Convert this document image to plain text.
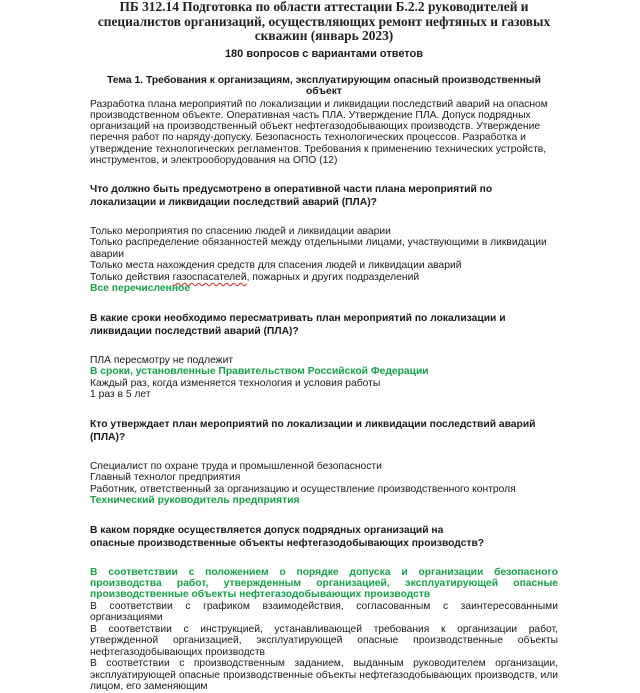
ПБ 312.14 Подготовка по области аттестации Б.2.2 руководителей и специалистов организаций, осуществляющих ремонт нефтяных и газовых скважин (январь 2023)
180 вопросов с вариантами ответов
Тема 1. Требования к организациям, эксплуатирующим опасный производственный объект
Разработка плана мероприятий по локализации и ликвидации последствий аварий на опасном производственном объекте. Оперативная часть ПЛА. Утверждение ПЛА. Допуск подрядных организаций на производственный объект нефтегазодобывающих производств. Утверждение перечня работ по наряду-допуску. Безопасность технологических процессов. Разработка и утверждение технологических регламентов. Требования к применению технических устройств, инструментов, и электрооборудования на ОПО (12)
Что должно быть предусмотрено в оперативной части плана мероприятий по локализации и ликвидации последствий аварий (ПЛА)?
Только мероприятия по спасению людей и ликвидации аварии
Только распределение обязанностей между отдельными лицами, участвующими в ликвидации аварии
Только места нахождения средств для спасения людей и ликвидации аварий
Только действия газоспасателей, пожарных и других подразделений
Все перечисленное
В какие сроки необходимо пересматривать план мероприятий по локализации и ликвидации последствий аварий (ПЛА)?
ПЛА пересмотру не подлежит
В сроки, установленные Правительством Российской Федерации
Каждый раз, когда изменяется технология и условия работы
1 раз в 5 лет
Кто утверждает план мероприятий по локализации и ликвидации последствий аварий (ПЛА)?
Специалист по охране труда и промышленной безопасности
Главный технолог предприятия
Работник, ответственный за организацию и осуществление производственного контроля
Технический руководитель предприятия
В каком порядке осуществляется допуск подрядных организаций на
опасные производственные объекты нефтегазодобывающих производств?
В соответствии с положением о порядке допуска и организации безопасного производства работ, утвержденным организацией, эксплуатирующей опасные производственные объекты нефтегазодобывающих производств
В соответствии с графиком взаимодействия, согласованным с заинтересованными организациями
В соответствии с инструкцией, устанавливающей требования к организации работ, утвержденной организацией, эксплуатирующей опасные производственные объекты нефтегазодобывающих производств
В соответствии с производственным заданием, выданным руководителем организации, эксплуатирующей опасные производственные объекты нефтегазодобывающих производств, или лицом, его заменяющим
